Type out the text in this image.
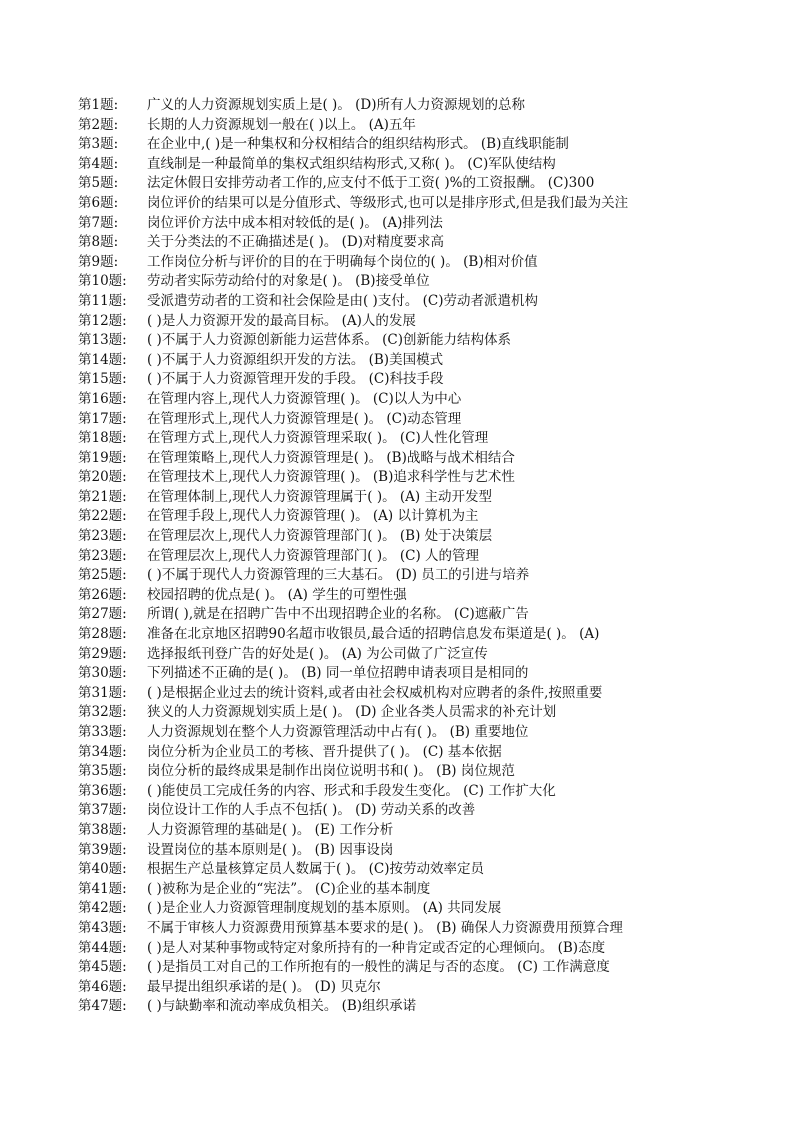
第1题: 广义的人力资源规划实质上是( )。 (D)所有人力资源规划的总称
第2题: 长期的人力资源规划一般在( )以上。 (A)五年
第3题: 在企业中,( )是一种集权和分权相结合的组织结构形式。 (B)直线职能制
第4题: 直线制是一种最简单的集权式组织结构形式,又称( )。 (C)军队使结构
第5题: 法定休假日安排劳动者工作的,应支付不低于工资( )%的工资报酬。 (C)300
第6题: 岗位评价的结果可以是分值形式、等级形式,也可以是排序形式,但是我们最为关注
第7题: 岗位评价方法中成本相对较低的是( )。 (A)排列法
第8题: 关于分类法的不正确描述是( )。 (D)对精度要求高
第9题: 工作岗位分析与评价的目的在于明确每个岗位的( )。 (B)相对价值
第10题: 劳动者实际劳动给付的对象是( )。 (B)接受单位
第11题: 受派遣劳动者的工资和社会保险是由( )支付。 (C)劳动者派遣机构
第12题: ( )是人力资源开发的最高目标。 (A)人的发展
第13题: ( )不属于人力资源创新能力运营体系。 (C)创新能力结构体系
第14题: ( )不属于人力资源组织开发的方法。 (B)美国模式
第15题: ( )不属于人力资源管理开发的手段。 (C)科技手段
第16题: 在管理内容上,现代人力资源管理( )。 (C)以人为中心
第17题: 在管理形式上,现代人力资源管理是( )。 (C)动态管理
第18题: 在管理方式上,现代人力资源管理采取( )。 (C)人性化管理
第19题: 在管理策略上,现代人力资源管理是( )。 (B)战略与战术相结合
第20题: 在管理技术上,现代人力资源管理( )。 (B)追求科学性与艺术性
第21题: 在管理体制上,现代人力资源管理属于( )。 (A) 主动开发型
第22题: 在管理手段上,现代人力资源管理( )。 (A) 以计算机为主
第23题: 在管理层次上,现代人力资源管理部门( )。 (B) 处于决策层
第23题: 在管理层次上,现代人力资源管理部门( )。 (C) 人的管理
第25题: ( )不属于现代人力资源管理的三大基石。 (D) 员工的引进与培养
第26题: 校园招聘的优点是( )。 (A) 学生的可塑性强
第27题: 所谓( ),就是在招聘广告中不出现招聘企业的名称。 (C)遮蔽广告
第28题: 准备在北京地区招聘90名超市收银员,最合适的招聘信息发布渠道是( )。 (A)
第29题: 选择报纸刊登广告的好处是( )。 (A) 为公司做了广泛宣传
第30题: 下列描述不正确的是( )。 (B) 同一单位招聘申请表项目是相同的
第31题: ( )是根据企业过去的统计资料,或者由社会权威机构对应聘者的条件,按照重要
第32题: 狭义的人力资源规划实质上是( )。 (D) 企业各类人员需求的补充计划
第33题: 人力资源规划在整个人力资源管理活动中占有( )。 (B) 重要地位
第34题: 岗位分析为企业员工的考核、晋升提供了( )。 (C) 基本依据
第35题: 岗位分析的最终成果是制作出岗位说明书和( )。 (B) 岗位规范
第36题: ( )能使员工完成任务的内容、形式和手段发生变化。 (C) 工作扩大化
第37题: 岗位设计工作的人手点不包括( )。 (D) 劳动关系的改善
第38题: 人力资源管理的基础是( )。 (E) 工作分析
第39题: 设置岗位的基本原则是( )。 (B) 因事设岗
第40题: 根据生产总量核算定员人数属于( )。 (C)按劳动效率定员
第41题: ( )被称为是企业的“宪法”。 (C)企业的基本制度
第42题: ( )是企业人力资源管理制度规划的基本原则。 (A) 共同发展
第43题: 不属于审核人力资源费用预算基本要求的是( )。 (B) 确保人力资源费用预算合理
第44题: ( )是人对某种事物或特定对象所持有的一种肯定或否定的心理倾向。 (B)态度
第45题: ( )是指员工对自己的工作所抱有的一般性的满足与否的态度。 (C) 工作满意度
第46题: 最早提出组织承诺的是( )。 (D) 贝克尔
第47题: ( )与缺勤率和流动率成负相关。 (B)组织承诺
